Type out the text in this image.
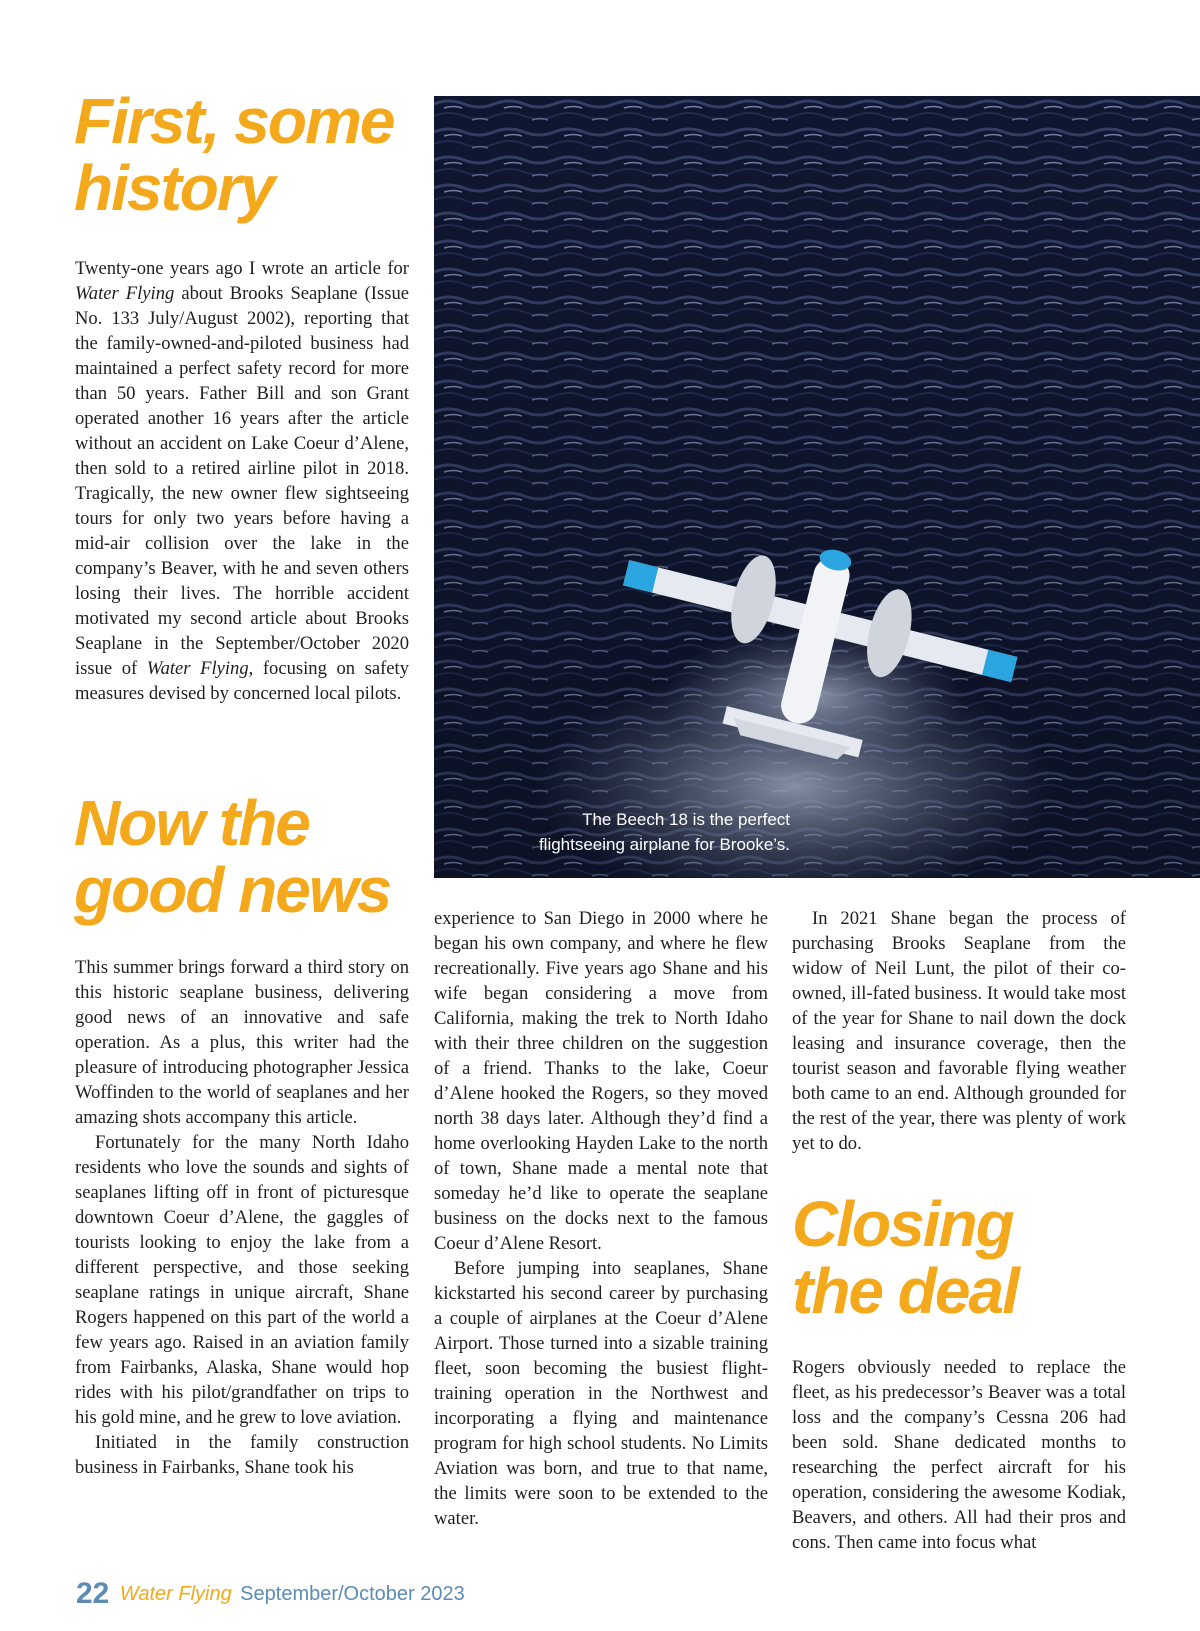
First, some
history
Now the
good news
Closing
the deal

Twenty-one years ago I wrote an article for Water Flying about Brooks Seaplane (Issue No. 133 July/August 2002), reporting that the family-owned-and-piloted business had maintained a perfect safety record for more than 50 years. Father Bill and son Grant operated another 16 years after the article without an accident on Lake Coeur d’Alene, then sold to a retired airline pilot in 2018. Tragically, the new owner flew sightseeing tours for only two years before having a mid-air collision over the lake in the company’s Beaver, with he and seven others losing their lives. The horrible accident motivated my second article about Brooks Seaplane in the September/October 2020 issue of Water Flying, focusing on safety measures devised by concerned local pilots.

This summer brings forward a third story on this historic seaplane business, delivering good news of an innovative and safe operation. As a plus, this writer had the pleasure of introducing photographer Jessica Woffinden to the world of seaplanes and her amazing shots accompany this article.

Fortunately for the many North Idaho residents who love the sounds and sights of seaplanes lifting off in front of picturesque downtown Coeur d’Alene, the gaggles of tourists looking to enjoy the lake from a different perspective, and those seeking seaplane ratings in unique aircraft, Shane Rogers happened on this part of the world a few years ago. Raised in an aviation family from Fairbanks, Alaska, Shane would hop rides with his pilot/grandfather on trips to his gold mine, and he grew to love aviation.

Initiated in the family construction business in Fairbanks, Shane took his

experience to San Diego in 2000 where he began his own company, and where he flew recreationally. Five years ago Shane and his wife began considering a move from California, making the trek to North Idaho with their three children on the suggestion of a friend. Thanks to the lake, Coeur d’Alene hooked the Rogers, so they moved north 38 days later. Although they’d find a home overlooking Hayden Lake to the north of town, Shane made a mental note that someday he’d like to operate the seaplane business on the docks next to the famous Coeur d’Alene Resort.

Before jumping into seaplanes, Shane kickstarted his second career by purchasing a couple of airplanes at the Coeur d’Alene Airport. Those turned into a sizable training fleet, soon becoming the busiest flight-training operation in the Northwest and incorporating a flying and maintenance program for high school students. No Limits Aviation was born, and true to that name, the limits were soon to be extended to the water.

In 2021 Shane began the process of purchasing Brooks Seaplane from the widow of Neil Lunt, the pilot of their co-owned, ill-fated business. It would take most of the year for Shane to nail down the dock leasing and insurance coverage, then the tourist season and favorable flying weather both came to an end. Although grounded for the rest of the year, there was plenty of work yet to do.

Rogers obviously needed to replace the fleet, as his predecessor’s Beaver was a total loss and the company’s Cessna 206 had been sold. Shane dedicated months to researching the perfect aircraft for his operation, considering the awesome Kodiak, Beavers, and others. All had their pros and cons. Then came into focus what

The Beech 18 is the perfect
flightseeing airplane for Brooke’s.
22 Water Flying September/October 2023
